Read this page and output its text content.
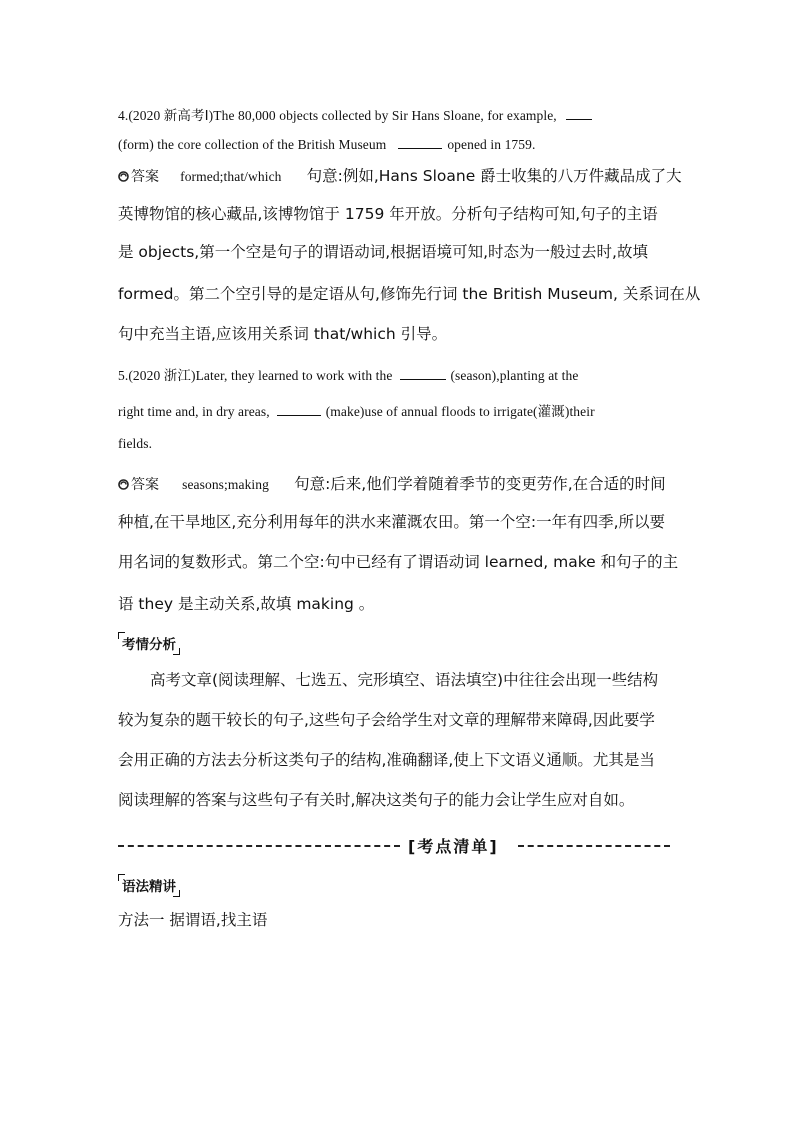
4.(2020 新高考Ⅰ)The 80,000 objects collected by Sir Hans Sloane, for example,
(form) the core collection of the British Museum	opened in 1759.
答案 formed;that/which 句意:例如,Hans Sloane 爵士收集的八万件藏品成了大
英博物馆的核心藏品,该博物馆于 1759 年开放。分析句子结构可知,句子的主语
是 objects,第一个空是句子的谓语动词,根据语境可知,时态为一般过去时,故填
formed。第二个空引导的是定语从句,修饰先行词 the British Museum, 关系词在从
句中充当主语,应该用关系词 that/which 引导。
5.(2020 浙江)Later, they learned to work with the	(season),planting at the
right time and, in dry areas,	(make)use of annual floods to irrigate(灌溉)their
fields.
答案 seasons;making 句意:后来,他们学着随着季节的变更劳作,在合适的时间
种植,在干旱地区,充分利用每年的洪水来灌溉农田。第一个空:一年有四季,所以要
用名词的复数形式。第二个空:句中已经有了谓语动词 learned, make 和句子的主
语 they 是主动关系,故填 making 。
考情分析
高考文章(阅读理解、七选五、完形填空、语法填空)中往往会出现一些结构
较为复杂的题干较长的句子,这些句子会给学生对文章的理解带来障碍,因此要学
会用正确的方法去分析这类句子的结构,准确翻译,使上下文语义通顺。尤其是当
阅读理解的答案与这些句子有关时,解决这类句子的能力会让学生应对自如。
[考点清单]
语法精讲
方法一 据谓语,找主语
